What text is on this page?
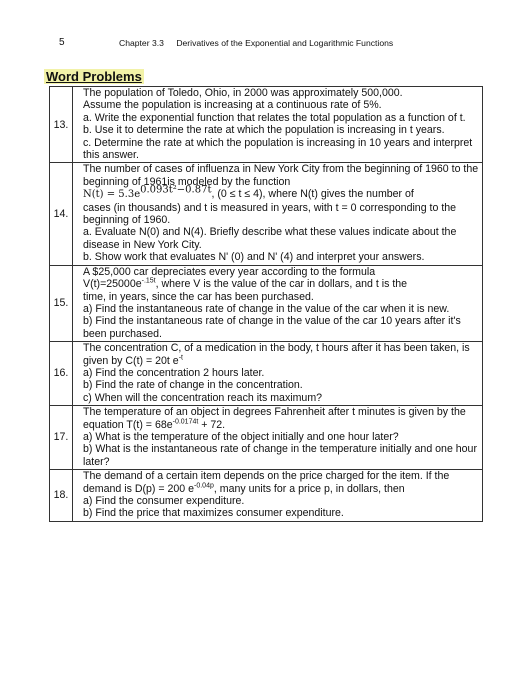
5	Chapter 3.3 Derivatives of the Exponential and Logarithmic Functions
Word Problems
13.	The population of Toledo, Ohio, in 2000 was approximately 500,000.
Assume the population is increasing at a continuous rate of 5%.
a. Write the exponential function that relates the total population as a function of t.
b. Use it to determine the rate at which the population is increasing in t years.
c. Determine the rate at which the population is increasing in 10 years and interpret this answer.

14.	The number of cases of influenza in New York City from the beginning of 1960 to the beginning of 1961is modeled by the function
N(t) = 5.3e0.093t²−0.87t, (0 ≤ t ≤ 4), where N(t) gives the number of
cases (in thousands) and t is measured in years, with t = 0 corresponding to the beginning of 1960.
a. Evaluate N(0) and N(4). Briefly describe what these values indicate about the disease in New York City.
b. Show work that evaluates N' (0) and N' (4) and interpret your answers.

15.	A $25,000 car depreciates every year according to the formula
$V(t)=25000e^{-.15t}$, where V is the value of the car in dollars, and t is the
time, in years, since the car has been purchased.
a) Find the instantaneous rate of change in the value of the car when it is new.
b) Find the instantaneous rate of change in the value of the car 10 years after it's been purchased.

16.	The concentration C, of a medication in the body, t hours after it has been taken, is given by C(t) = 20t $e^{-t}$
a) Find the concentration 2 hours later.
b) Find the rate of change in the concentration.
c) When will the concentration reach its maximum?

17.	The temperature of an object in degrees Fahrenheit after t minutes is given by the equation $T(t) = 68e^{-0.0174t} + 72$.
a) What is the temperature of the object initially and one hour later?
b) What is the instantaneous rate of change in the temperature initially and one hour later?

18.	The demand of a certain item depends on the price charged for the item. If the demand is D(p) = 200 $e^{-0.04p}$, many units for a price p, in dollars, then
a) Find the consumer expenditure.
b) Find the price that maximizes consumer expenditure.
